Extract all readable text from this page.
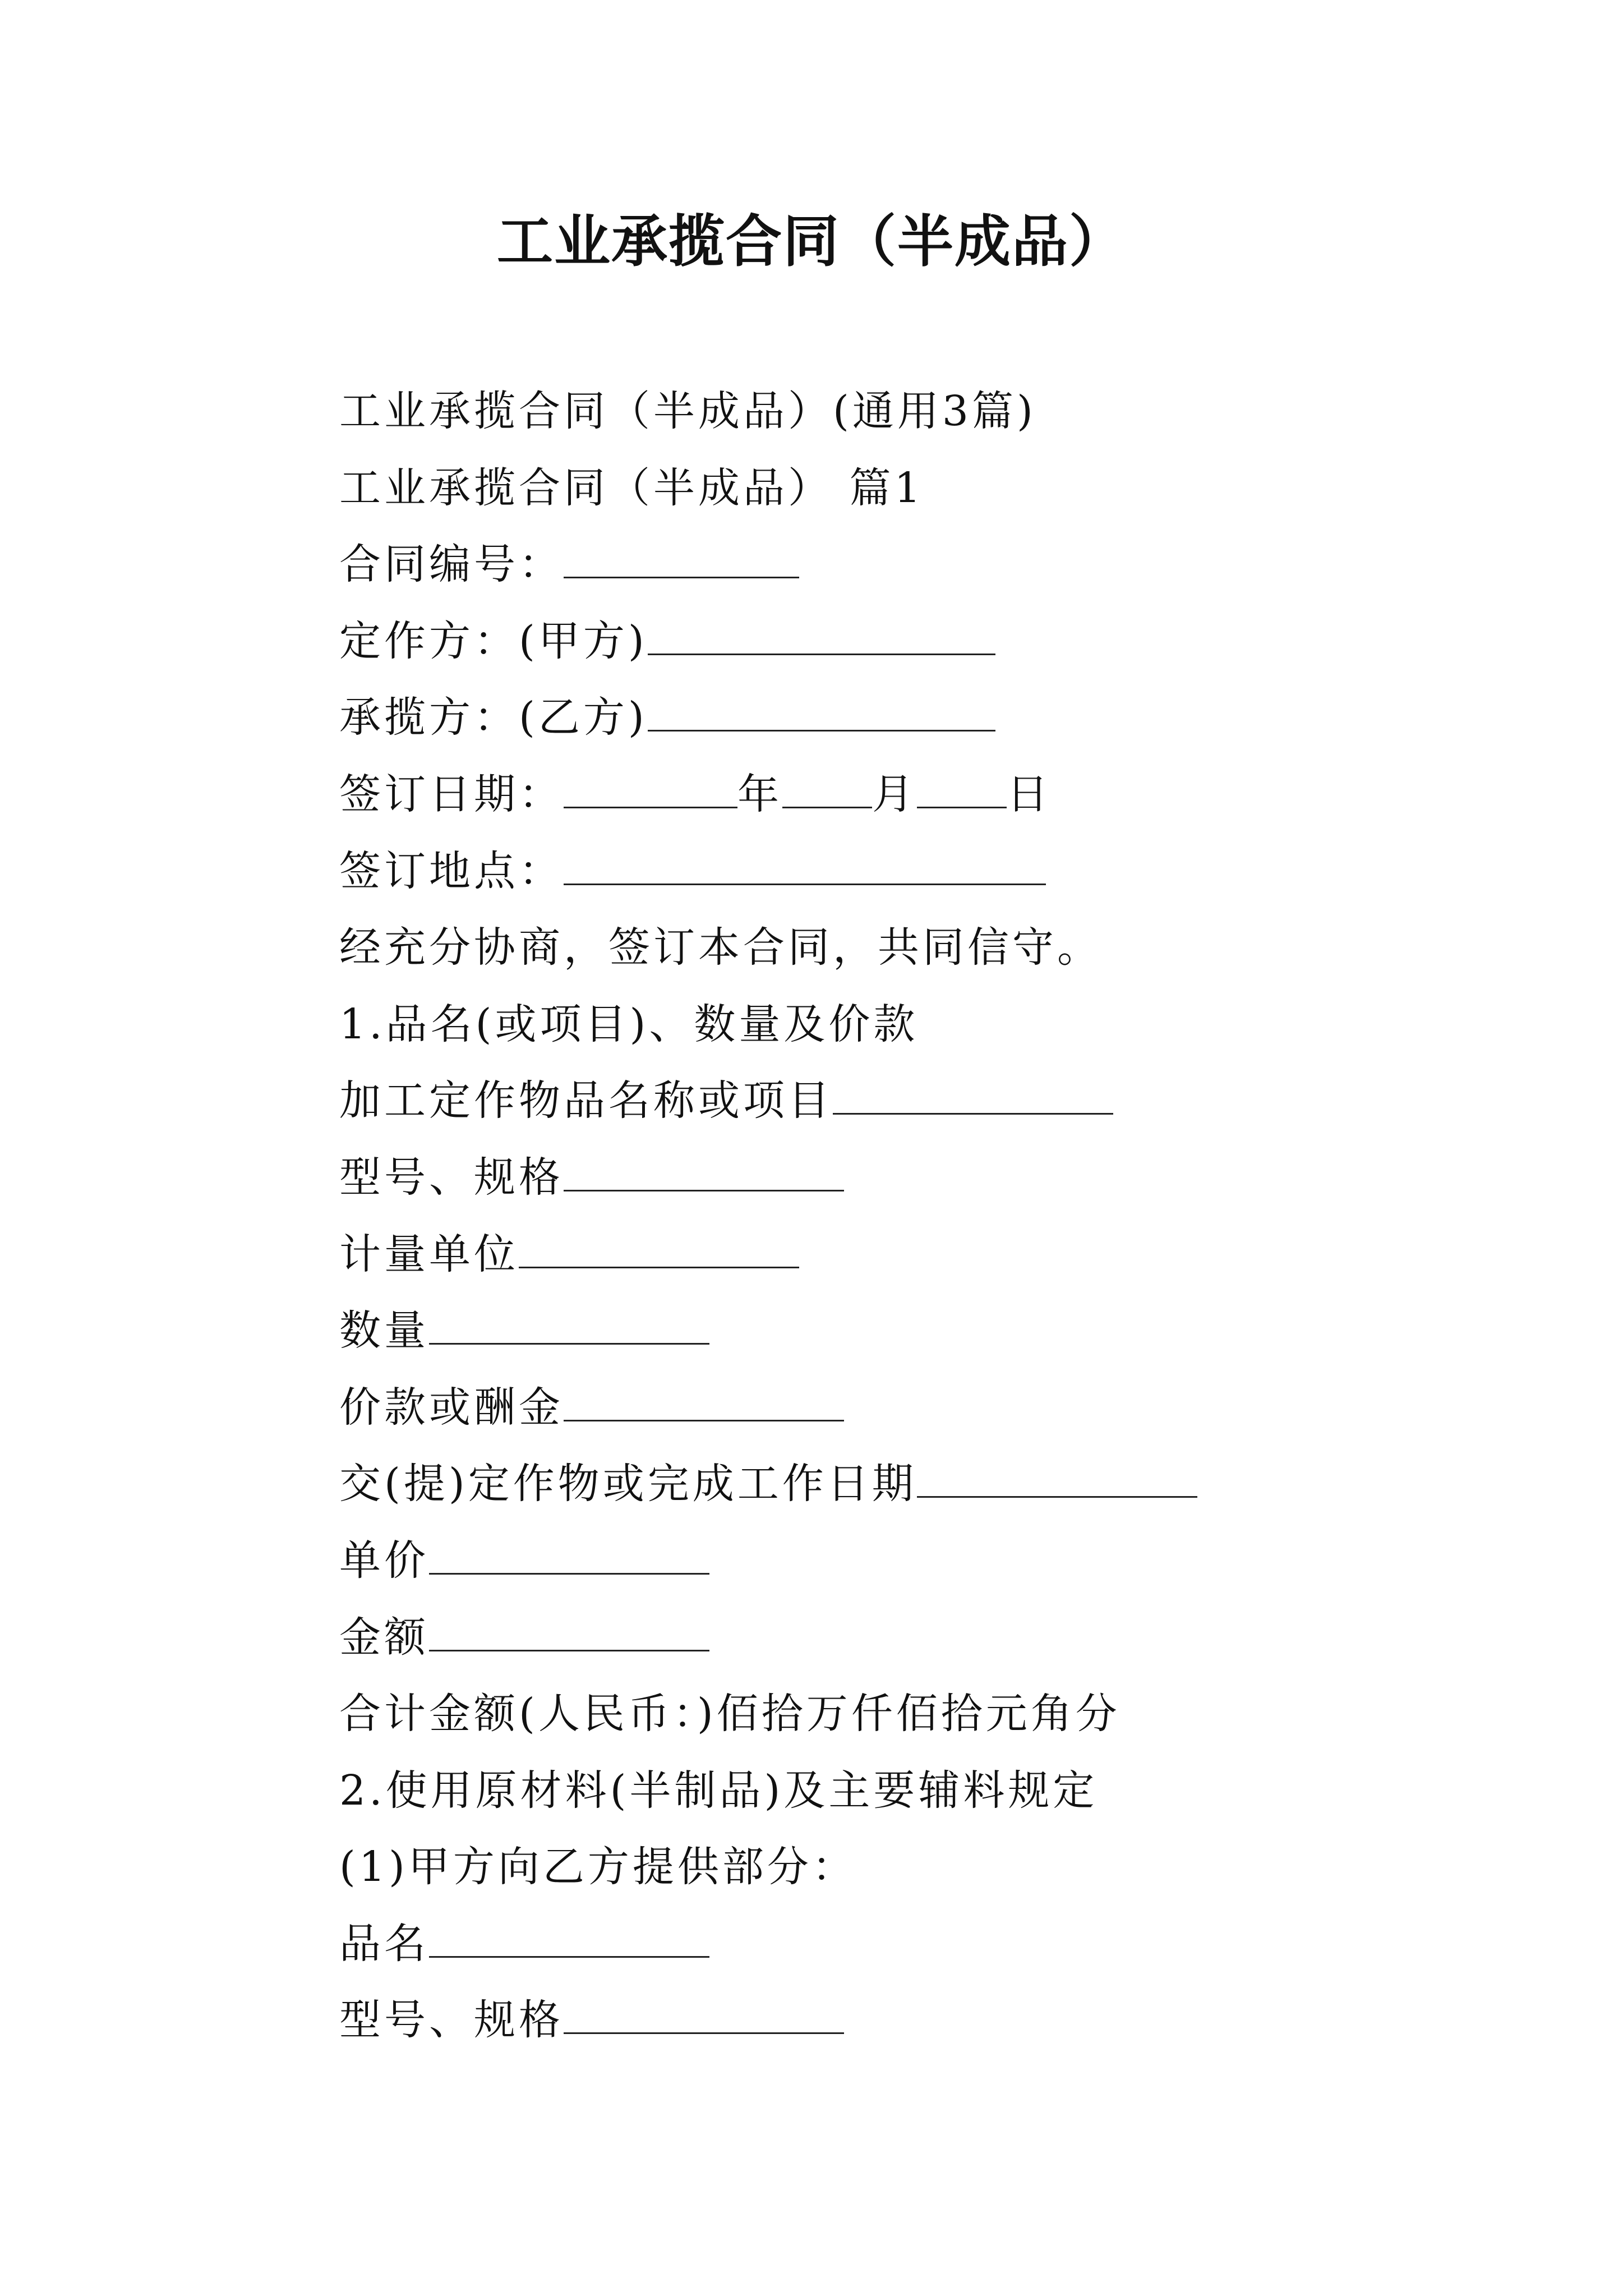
工业承揽合同（半成品）
工业承揽合同（半成品）(通用3篇)
工业承揽合同（半成品） 篇1
合同编号：
定作方：(甲方)
承揽方：(乙方)
签订日期：	年 月 日
签订地点：
经充分协商，签订本合同，共同信守。
1.品名(或项目)、数量及价款
加工定作物品名称或项目
型号、规格
计量单位
数量
价款或酬金
交(提)定作物或完成工作日期
单价
金额
合计金额(人民币：)佰拾万仟佰拾元角分
2.使用原材料(半制品)及主要辅料规定
(1)甲方向乙方提供部分：
品名
型号、规格
